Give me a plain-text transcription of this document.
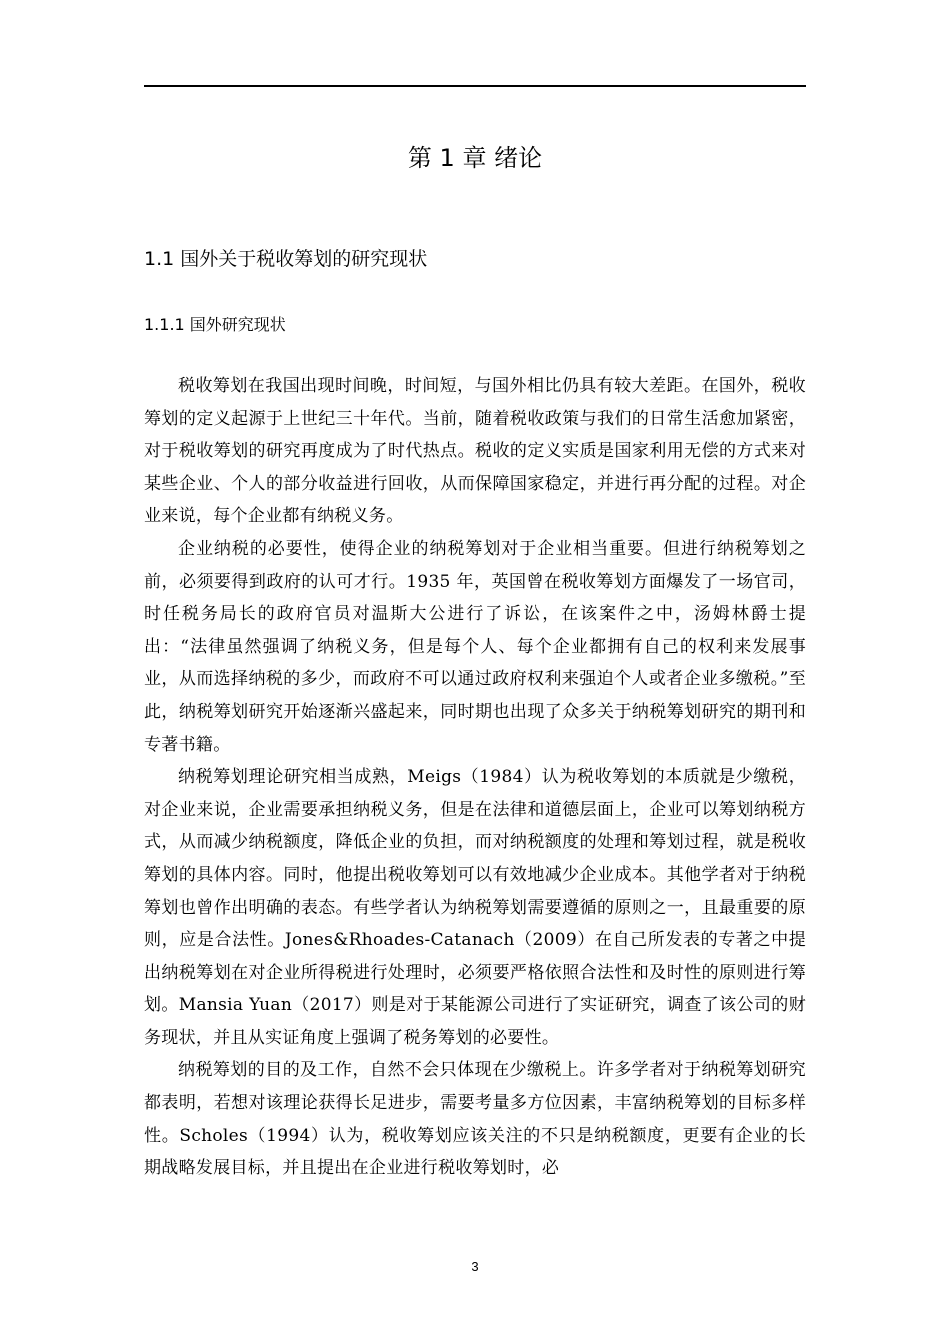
第 1 章 绪论
1.1 国外关于税收筹划的研究现状
1.1.1 国外研究现状

税收筹划在我国出现时间晚，时间短，与国外相比仍具有较大差距。在国外，税收筹划的定义起源于上世纪三十年代。当前，随着税收政策与我们的日常生活愈加紧密，对于税收筹划的研究再度成为了时代热点。税收的定义实质是国家利用无偿的方式来对某些企业、个人的部分收益进行回收，从而保障国家稳定，并进行再分配的过程。对企业来说，每个企业都有纳税义务。

企业纳税的必要性，使得企业的纳税筹划对于企业相当重要。但进行纳税筹划之前，必须要得到政府的认可才行。1935 年，英国曾在税收筹划方面爆发了一场官司，时任税务局长的政府官员对温斯大公进行了诉讼，在该案件之中，汤姆林爵士提出：“法律虽然强调了纳税义务，但是每个人、每个企业都拥有自己的权利来发展事业，从而选择纳税的多少，而政府不可以通过政府权利来强迫个人或者企业多缴税。”至此，纳税筹划研究开始逐渐兴盛起来，同时期也出现了众多关于纳税筹划研究的期刊和专著书籍。

纳税筹划理论研究相当成熟，Meigs（1984）认为税收筹划的本质就是少缴税，对企业来说，企业需要承担纳税义务，但是在法律和道德层面上，企业可以筹划纳税方式，从而减少纳税额度，降低企业的负担，而对纳税额度的处理和筹划过程，就是税收筹划的具体内容。同时，他提出税收筹划可以有效地减少企业成本。其他学者对于纳税筹划也曾作出明确的表态。有些学者认为纳税筹划需要遵循的原则之一，且最重要的原则，应是合法性。Jones&Rhoades-Catanach（2009）在自己所发表的专著之中提出纳税筹划在对企业所得税进行处理时，必须要严格依照合法性和及时性的原则进行筹划。Mansia Yuan（2017）则是对于某能源公司进行了实证研究，调查了该公司的财务现状，并且从实证角度上强调了税务筹划的必要性。

纳税筹划的目的及工作，自然不会只体现在少缴税上。许多学者对于纳税筹划研究都表明，若想对该理论获得长足进步，需要考量多方位因素，丰富纳税筹划的目标多样性。Scholes（1994）认为，税收筹划应该关注的不只是纳税额度，更要有企业的长期战略发展目标，并且提出在企业进行税收筹划时，必

3
